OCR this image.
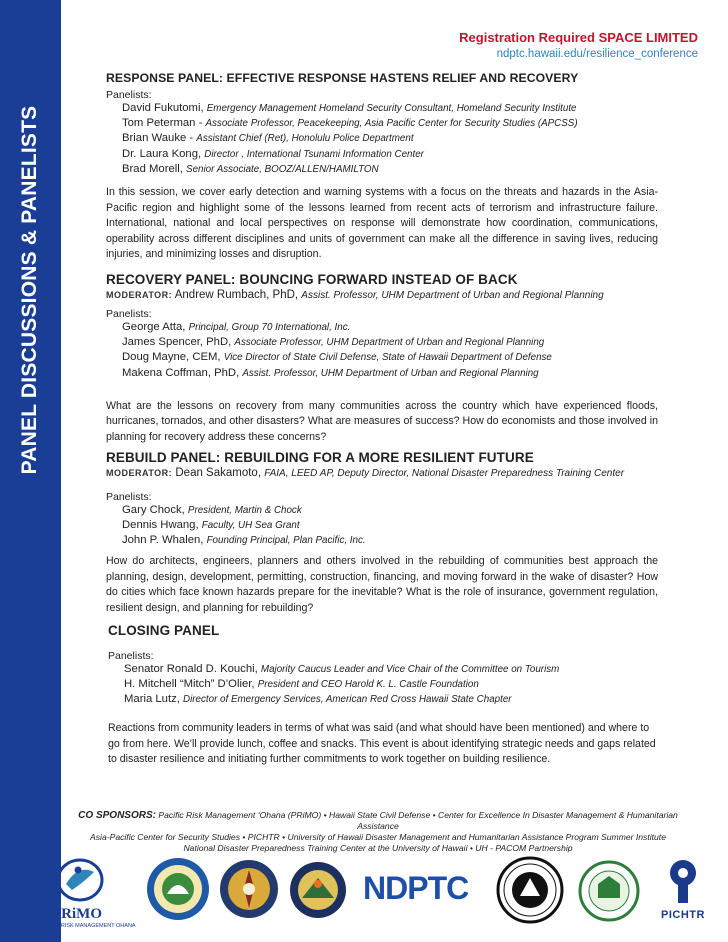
PANEL DISCUSSIONS & PANELISTS
Registration Required SPACE LIMITED
ndptc.hawaii.edu/resilience_conference
RESPONSE PANEL: EFFECTIVE RESPONSE HASTENS RELIEF AND RECOVERY
Panelists:
David Fukutomi, Emergency Management Homeland Security Consultant, Homeland Security Institute
Tom Peterman - Associate Professor, Peacekeeping, Asia Pacific Center for Security Studies (APCSS)
Brian Wauke - Assistant Chief (Ret), Honolulu Police Department
Dr. Laura Kong, Director , International Tsunami Information Center
Brad Morell, Senior Associate, BOOZ/ALLEN/HAMILTON
In this session, we cover early detection and warning systems with a focus on the threats and hazards in the Asia-Pacific region and highlight some of the lessons learned from recent acts of terrorism and infrastructure failure. International, national and local perspectives on response will demonstrate how coordination, communications, operability across different disciplines and units of government can make all the difference in saving lives, reducing injuries, and minimizing losses and disruption.
RECOVERY PANEL: BOUNCING FORWARD INSTEAD OF BACK
MODERATOR: Andrew Rumbach, PhD, Assist. Professor, UHM Department of Urban and Regional Planning
Panelists:
George Atta, Principal, Group 70 International, Inc.
James Spencer, PhD, Associate Professor, UHM Department of Urban and Regional Planning
Doug Mayne, CEM, Vice Director of State Civil Defense, State of Hawaii Department of Defense
Makena Coffman, PhD, Assist. Professor, UHM Department of Urban and Regional Planning
What are the lessons on recovery from many communities across the country which have experienced floods, hurricanes, tornados, and other disasters? What are measures of success? How do economists and those involved in planning for recovery address these concerns?
REBUILD PANEL: REBUILDING FOR A MORE RESILIENT FUTURE
MODERATOR: Dean Sakamoto, FAIA, LEED AP, Deputy Director, National Disaster Preparedness Training Center
Panelists:
Gary Chock, President, Martin & Chock
Dennis Hwang, Faculty, UH Sea Grant
John P. Whalen, Founding Principal, Plan Pacific, Inc.
How do architects, engineers, planners and others involved in the rebuilding of communities best approach the planning, design, development, permitting, construction, financing, and moving forward in the wake of disaster? How do cities which face known hazards prepare for the inevitable? What is the role of insurance, government regulation, resilient design, and planning for rebuilding?
CLOSING PANEL
Panelists:
Senator Ronald D. Kouchi, Majority Caucus Leader and Vice Chair of the Committee on Tourism
H. Mitchell “Mitch” D’Olier, President and CEO Harold K. L. Castle Foundation
Maria Lutz, Director of Emergency Services, American Red Cross Hawaii State Chapter
Reactions from community leaders in terms of what was said (and what should have been mentioned) and where to go from here. We’ll provide lunch, coffee and snacks. This event is about identifying strategic needs and gaps related to disaster resilience and initiating further commitments to work together on building resilience.
CO SPONSORS: Pacific Risk Management ‘Ohana (PRiMO) • Hawaii State Civil Defense • Center for Excellence In Disaster Management & Humanitarian Assistance
Asia-Pacific Center for Security Studies • PICHTR • University of Hawaii Disaster Management and Humanitarian Assistance Program Summer Institute
National Disaster Preparedness Training Center at the University of Hawaii • UH - PACOM Partnership
PRiMO
PACIFIC RISK MANAGEMENT OHANA
NDPTC
PICHTR
